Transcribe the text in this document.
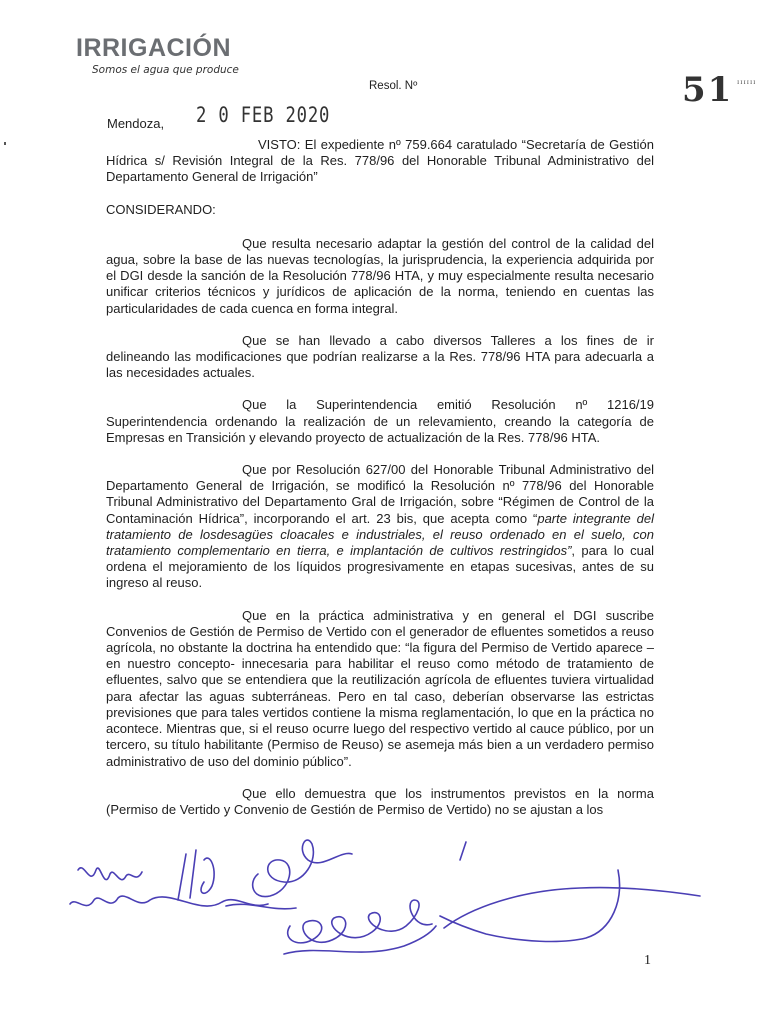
IRRIGACIÓN
Somos el agua que produce
Resol. Nº	51 ᴵᴵᴵᴵᴵᴵ
Mendoza, 2 0 FEB 2020

VISTO: El expediente nº 759.664 caratulado “Secretaría de Gestión Hídrica s/ Revisión Integral de la Res. 778/96 del Honorable Tribunal Administrativo del Departamento General de Irrigación”

CONSIDERANDO:

Que resulta necesario adaptar la gestión del control de la calidad del agua, sobre la base de las nuevas tecnologías, la jurisprudencia, la experiencia adquirida por el DGI desde la sanción de la Resolución 778/96 HTA, y muy especialmente resulta necesario unificar criterios técnicos y jurídicos de aplicación de la norma, teniendo en cuentas las particularidades de cada cuenca en forma integral.

Que se han llevado a cabo diversos Talleres a los fines de ir delineando las modificaciones que podrían realizarse a la Res. 778/96 HTA para adecuarla a las necesidades actuales.

Que la Superintendencia emitió Resolución nº 1216/19 Superintendencia ordenando la realización de un relevamiento, creando la categoría de Empresas en Transición y elevando proyecto de actualización de la Res. 778/96 HTA.

Que por Resolución 627/00 del Honorable Tribunal Administrativo del Departamento General de Irrigación, se modificó la Resolución nº 778/96 del Honorable Tribunal Administrativo del Departamento Gral de Irrigación, sobre “Régimen de Control de la Contaminación Hídrica”, incorporando el art. 23 bis, que acepta como “parte integrante del tratamiento de losdesagües cloacales e industriales, el reuso ordenado en el suelo, con tratamiento complementario en tierra, e implantación de cultivos restringidos”, para lo cual ordena el mejoramiento de los líquidos progresivamente en etapas sucesivas, antes de su ingreso al reuso.

Que en la práctica administrativa y en general el DGI suscribe Convenios de Gestión de Permiso de Vertido con el generador de efluentes sometidos a reuso agrícola, no obstante la doctrina ha entendido que: “la figura del Permiso de Vertido aparece –en nuestro concepto- innecesaria para habilitar el reuso como método de tratamiento de efluentes, salvo que se entendiera que la reutilización agrícola de efluentes tuviera virtualidad para afectar las aguas subterráneas. Pero en tal caso, deberían observarse las estrictas previsiones que para tales vertidos contiene la misma reglamentación, lo que en la práctica no acontece. Mientras que, si el reuso ocurre luego del respectivo vertido al cauce público, por un tercero, su título habilitante (Permiso de Reuso) se asemeja más bien a un verdadero permiso administrativo de uso del dominio público”.

Que ello demuestra que los instrumentos previstos en la norma (Permiso de Vertido y Convenio de Gestión de Permiso de Vertido) no se ajustan a los

1
